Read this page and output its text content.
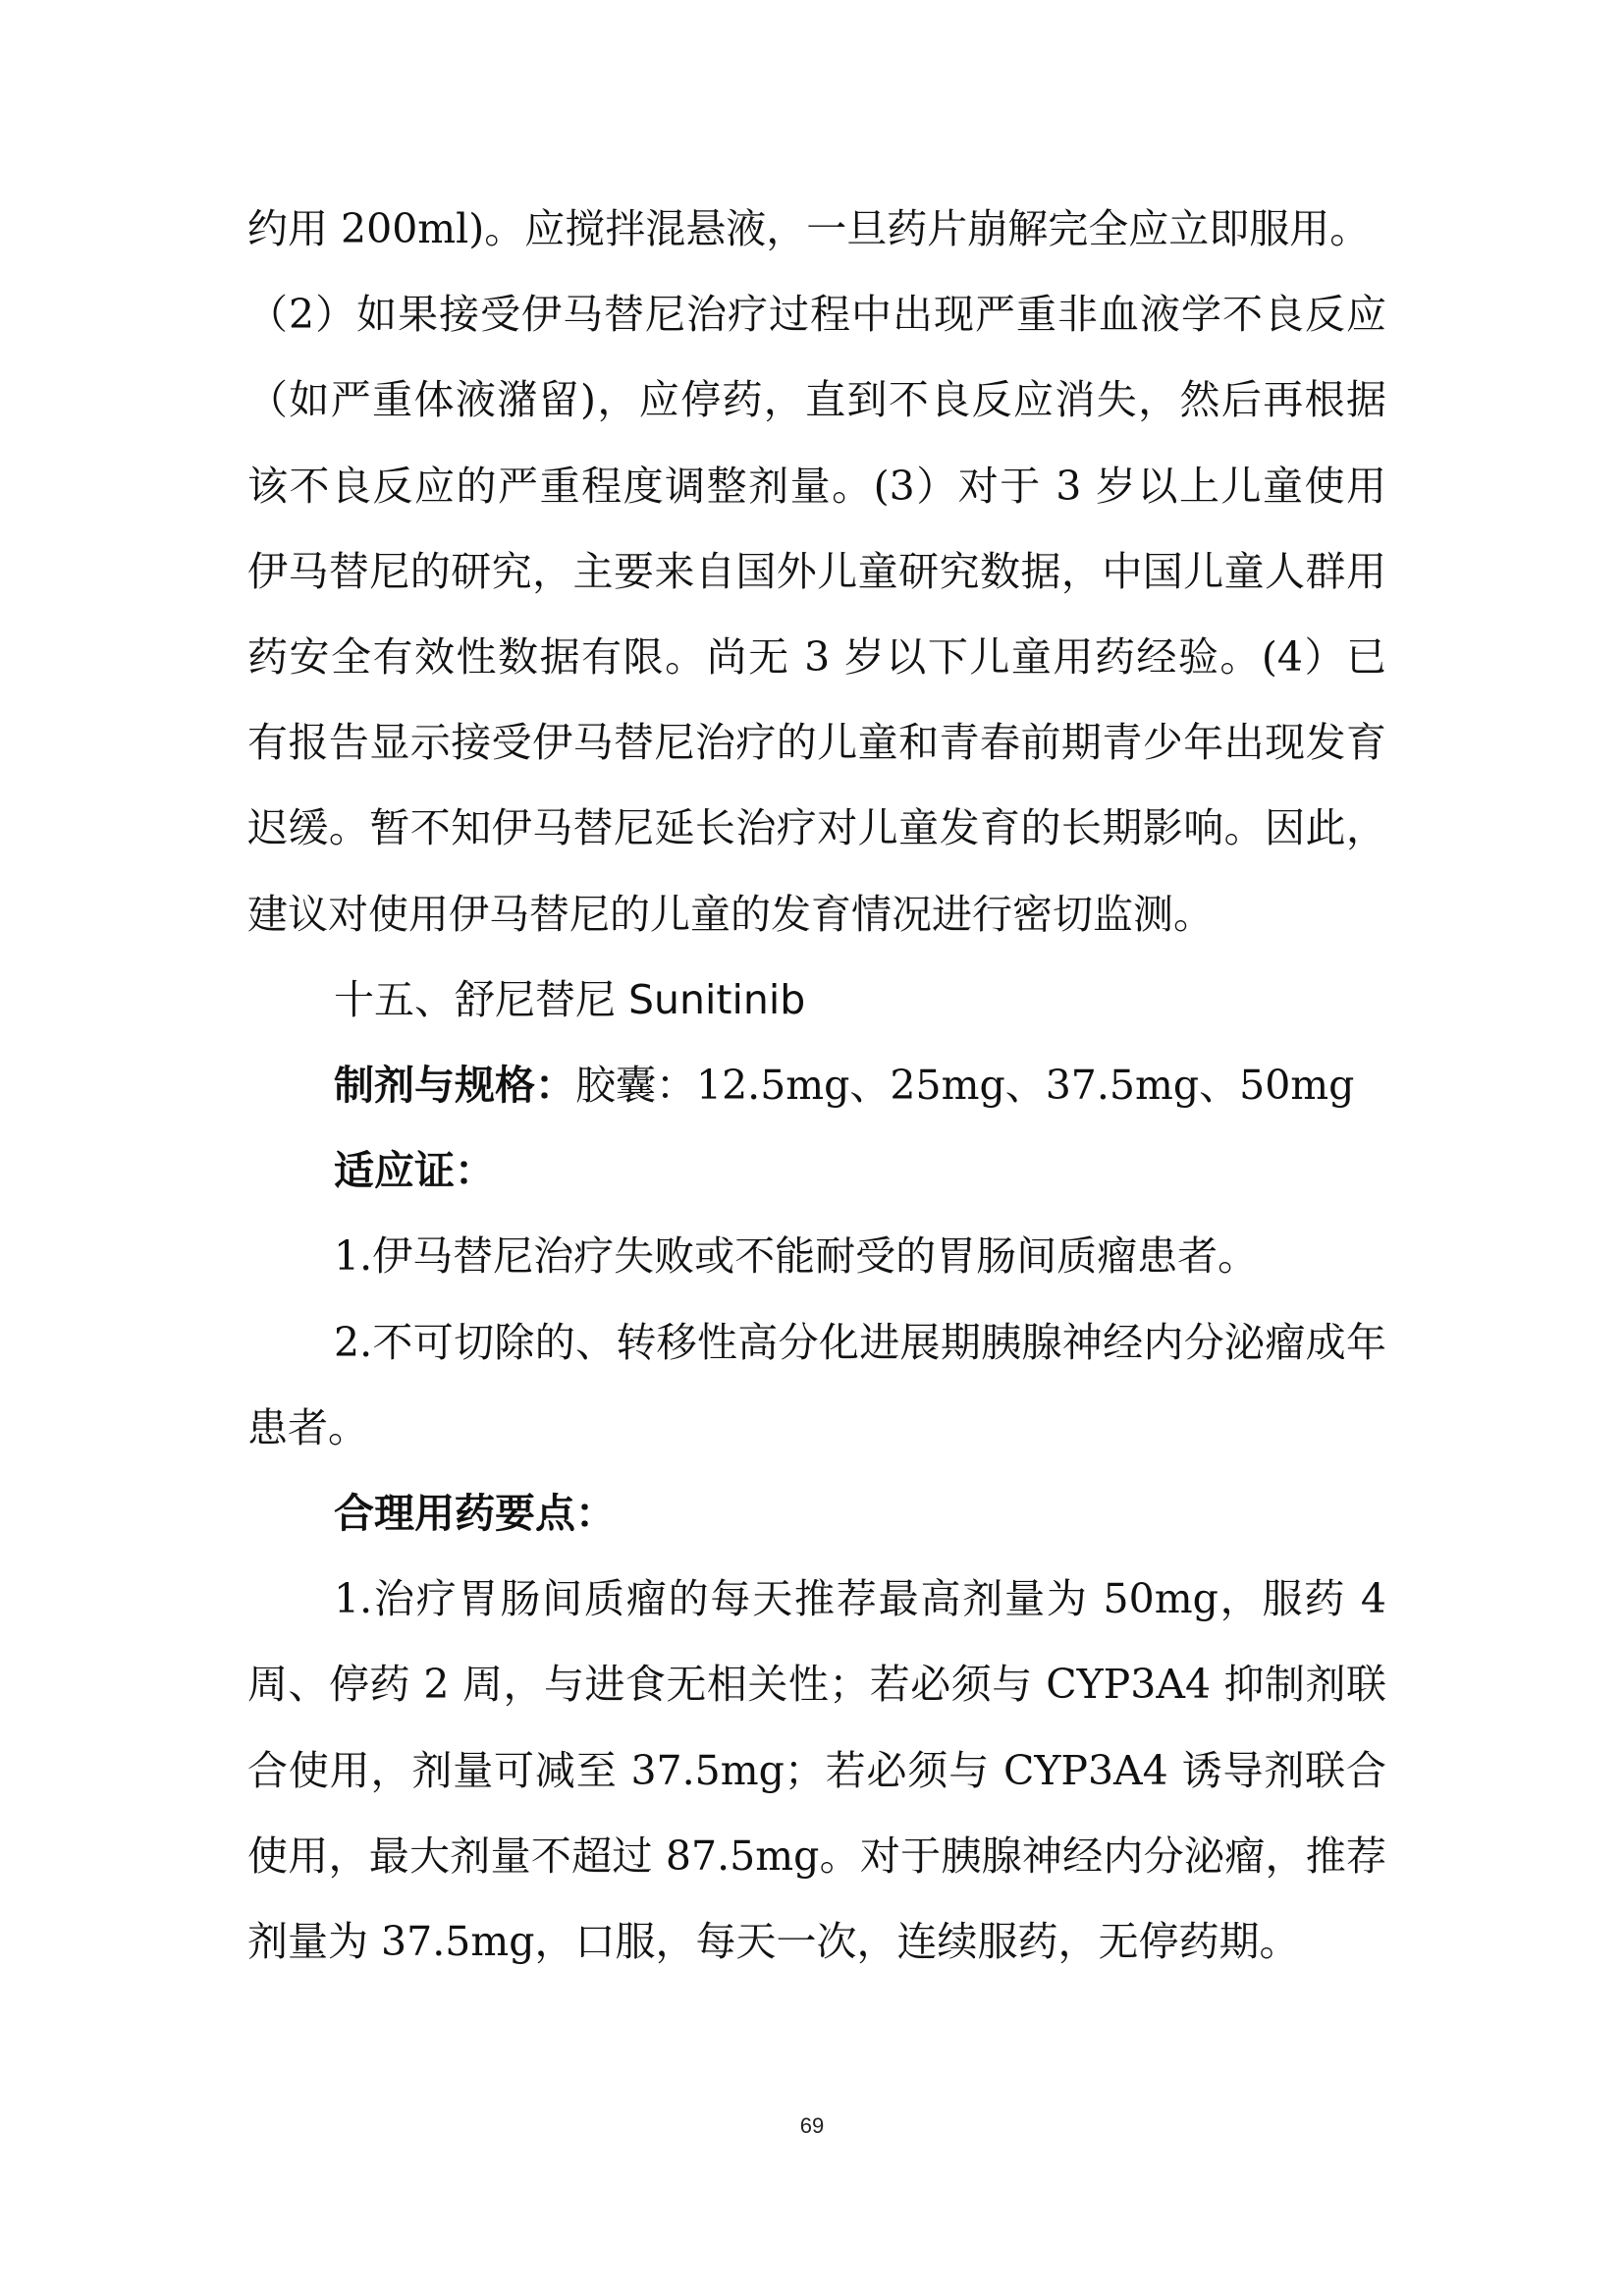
约用 200ml)。应搅拌混悬液，一旦药片崩解完全应立即服用。

（2）如果接受伊马替尼治疗过程中出现严重非血液学不良反应（如严重体液潴留)，应停药，直到不良反应消失，然后再根据该不良反应的严重程度调整剂量。(3）对于 3 岁以上儿童使用伊马替尼的研究，主要来自国外儿童研究数据，中国儿童人群用药安全有效性数据有限。尚无 3 岁以下儿童用药经验。(4）已有报告显示接受伊马替尼治疗的儿童和青春前期青少年出现发育迟缓。暂不知伊马替尼延长治疗对儿童发育的长期影响。因此，建议对使用伊马替尼的儿童的发育情况进行密切监测。

十五、舒尼替尼 Sunitinib

制剂与规格：胶囊：12.5mg、25mg、37.5mg、50mg

适应证：

1.伊马替尼治疗失败或不能耐受的胃肠间质瘤患者。

2.不可切除的、转移性高分化进展期胰腺神经内分泌瘤成年患者。

合理用药要点：

1.治疗胃肠间质瘤的每天推荐最高剂量为 50mg，服药 4 周、停药 2 周，与进食无相关性；若必须与 CYP3A4 抑制剂联合使用，剂量可减至 37.5mg；若必须与 CYP3A4 诱导剂联合使用，最大剂量不超过 87.5mg。对于胰腺神经内分泌瘤，推荐剂量为 37.5mg，口服，每天一次，连续服药，无停药期。

69
